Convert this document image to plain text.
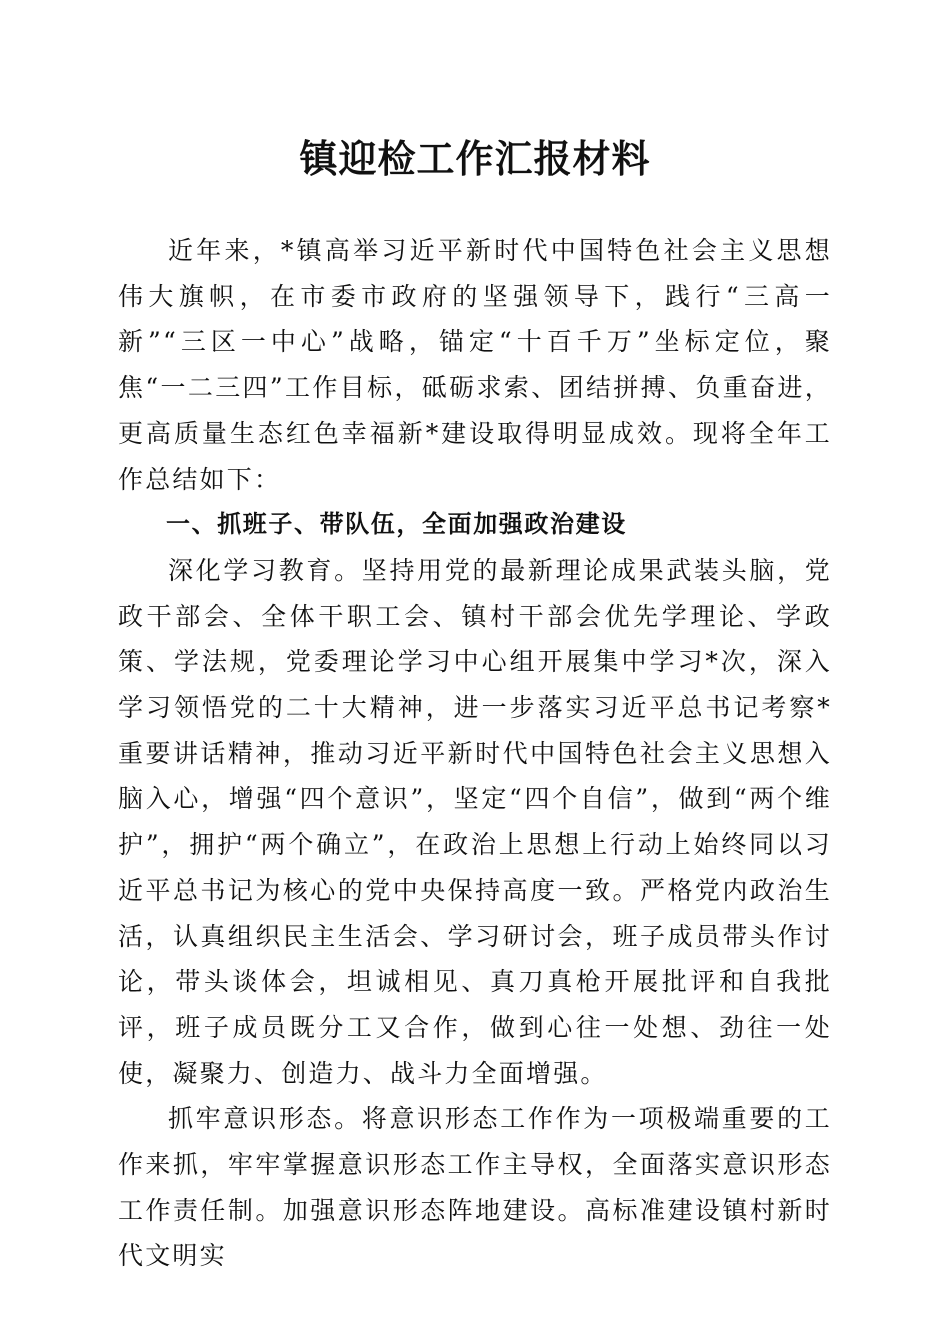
镇迎检工作汇报材料

近年来，*镇高举习近平新时代中国特色社会主义思想伟大旗帜，在市委市政府的坚强领导下，践行“三高一新”“三区一中心”战略，锚定“十百千万”坐标定位，聚焦“一二三四”工作目标，砥砺求索、团结拼搏、负重奋进，更高质量生态红色幸福新*建设取得明显成效。现将全年工作总结如下：

一、抓班子、带队伍，全面加强政治建设

深化学习教育。坚持用党的最新理论成果武装头脑，党政干部会、全体干职工会、镇村干部会优先学理论、学政策、学法规，党委理论学习中心组开展集中学习*次，深入学习领悟党的二十大精神，进一步落实习近平总书记考察*重要讲话精神，推动习近平新时代中国特色社会主义思想入脑入心，增强“四个意识”，坚定“四个自信”，做到“两个维护”，拥护“两个确立”，在政治上思想上行动上始终同以习近平总书记为核心的党中央保持高度一致。严格党内政治生活，认真组织民主生活会、学习研讨会，班子成员带头作讨论，带头谈体会，坦诚相见、真刀真枪开展批评和自我批评，班子成员既分工又合作，做到心往一处想、劲往一处使，凝聚力、创造力、战斗力全面增强。

抓牢意识形态。将意识形态工作作为一项极端重要的工作来抓，牢牢掌握意识形态工作主导权，全面落实意识形态工作责任制。加强意识形态阵地建设。高标准建设镇村新时代文明实
